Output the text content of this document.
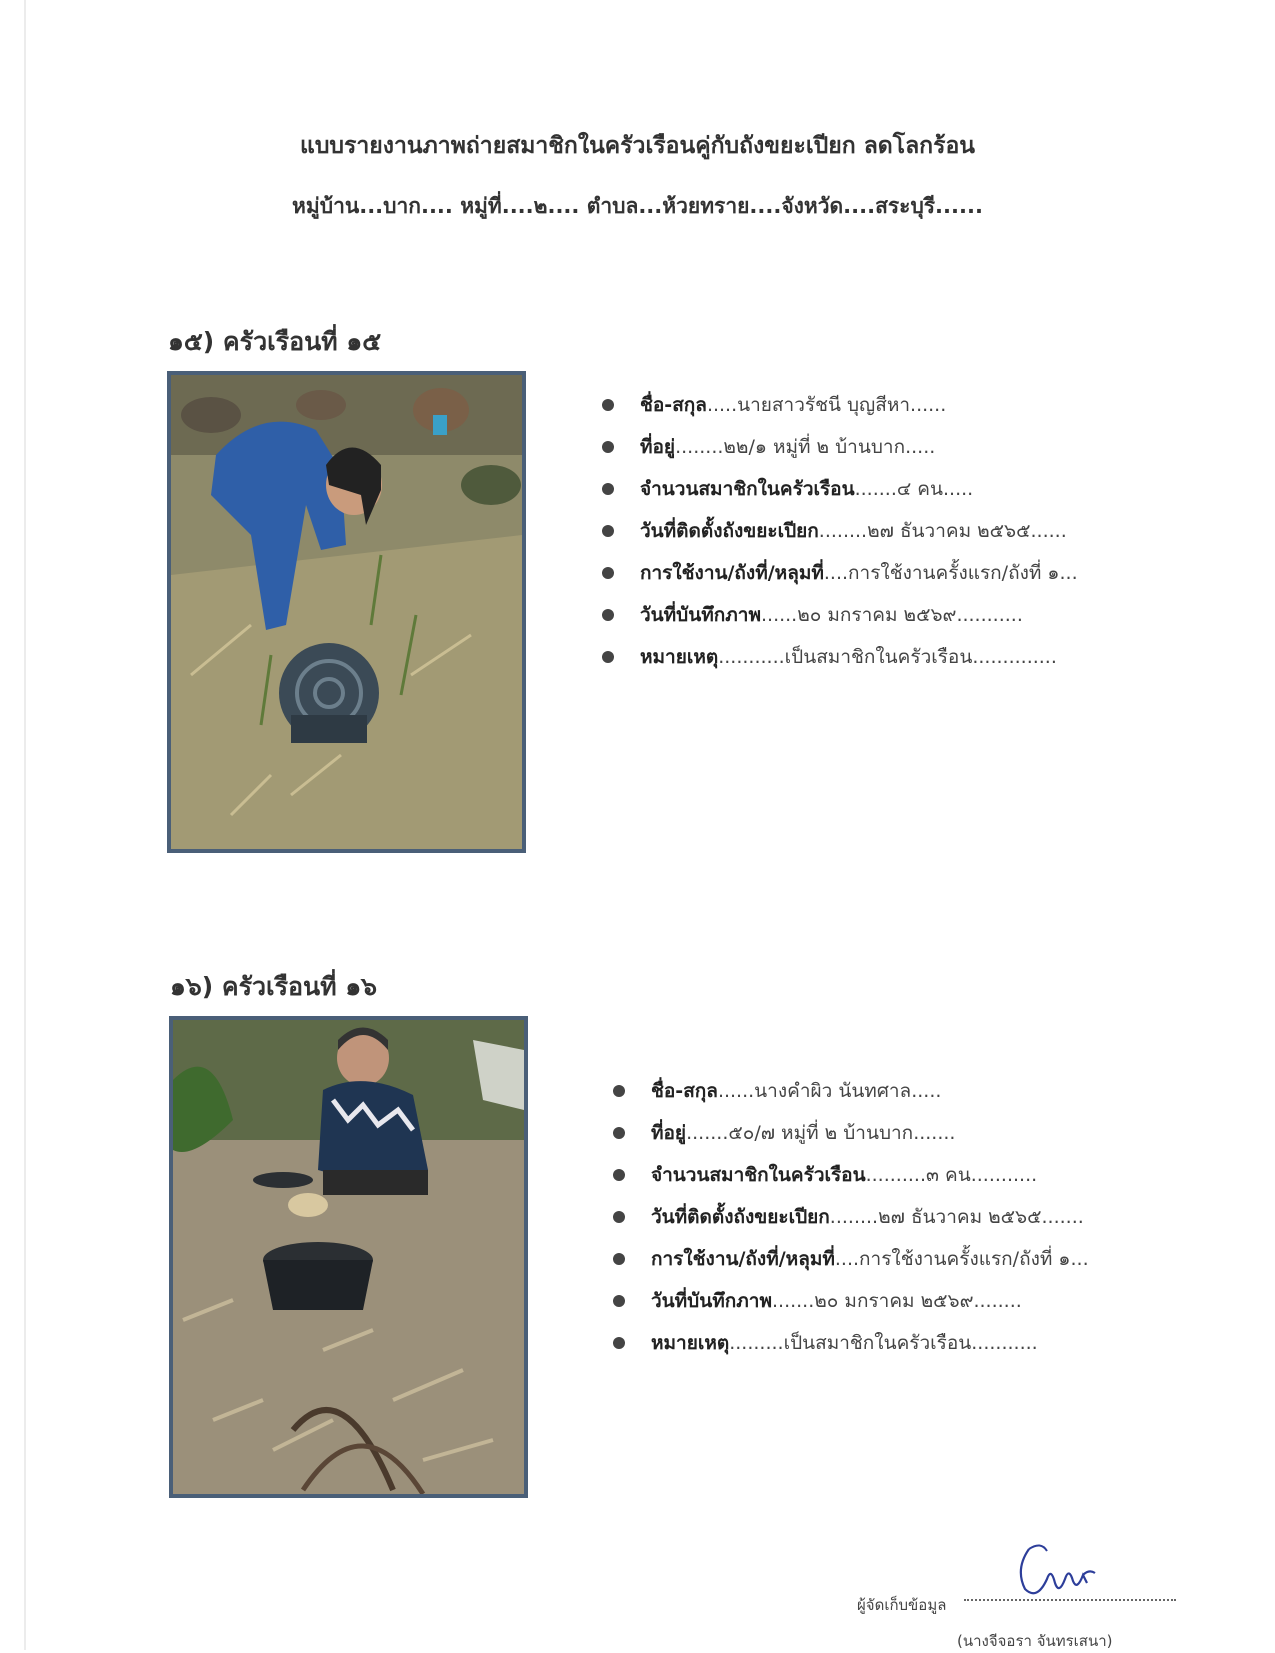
แบบรายงานภาพถ่ายสมาชิกในครัวเรือนคู่กับถังขยะเปียก ลดโลกร้อน
หมู่บ้าน...บาก.... หมู่ที่....๒.... ตำบล...ห้วยทราย....จังหวัด....สระบุรี......
๑๕) ครัวเรือนที่ ๑๕
ชื่อ-สกุล.....นายสาวรัชนี บุญสีหา......
ที่อยู่........๒๒/๑ หมู่ที่ ๒ บ้านบาก.....
จำนวนสมาชิกในครัวเรือน.......๔ คน.....
วันที่ติดตั้งถังขยะเปียก........๒๗ ธันวาคม ๒๕๖๕......
การใช้งาน/ถังที่/หลุมที่....การใช้งานครั้งแรก/ถังที่ ๑...
วันที่บันทึกภาพ......๒๐ มกราคม ๒๕๖๙...........
หมายเหตุ...........เป็นสมาชิกในครัวเรือน..............
๑๖) ครัวเรือนที่ ๑๖
ชื่อ-สกุล......นางคำผิว นันทศาล.....
ที่อยู่.......๕๐/๗ หมู่ที่ ๒ บ้านบาก.......
จำนวนสมาชิกในครัวเรือน..........๓ คน...........
วันที่ติดตั้งถังขยะเปียก........๒๗ ธันวาคม ๒๕๖๕.......
การใช้งาน/ถังที่/หลุมที่....การใช้งานครั้งแรก/ถังที่ ๑...
วันที่บันทึกภาพ.......๒๐ มกราคม ๒๕๖๙........
หมายเหตุ.........เป็นสมาชิกในครัวเรือน...........
ผู้จัดเก็บข้อมูล
(นางจีจอรา จันทรเสนา)
